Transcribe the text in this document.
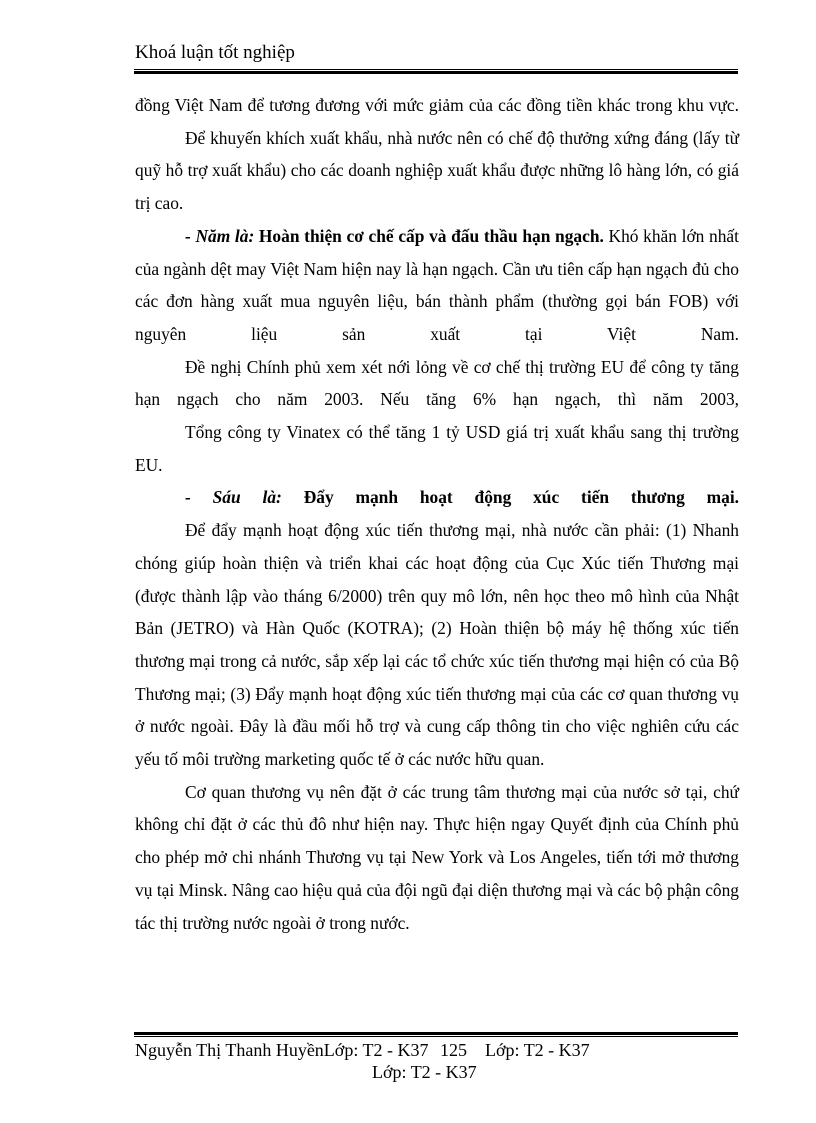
Khoá luận tốt nghiệp

đồng Việt Nam để tương đương với mức giảm của các đồng tiền khác trong khu vực.

Để khuyến khích xuất khẩu, nhà nước nên có chế độ thưởng xứng đáng (lấy từ quỹ hỗ trợ xuất khẩu) cho các doanh nghiệp xuất khẩu được những lô hàng lớn, có giá trị cao.

- Năm là: Hoàn thiện cơ chế cấp và đấu thầu hạn ngạch. Khó khăn lớn nhất của ngành dệt may Việt Nam hiện nay là hạn ngạch. Cần ưu tiên cấp hạn ngạch đủ cho các đơn hàng xuất mua nguyên liệu, bán thành phẩm (thường gọi bán FOB) với nguyên liệu sản xuất tại Việt Nam.

Đề nghị Chính phủ xem xét nới lỏng về cơ chế thị trường EU để công ty tăng hạn ngạch cho năm 2003. Nếu tăng 6% hạn ngạch, thì năm 2003,

Tổng công ty Vinatex có thể tăng 1 tỷ USD giá trị xuất khẩu sang thị trường EU.

- Sáu là: Đẩy mạnh hoạt động xúc tiến thương mại.

Để đẩy mạnh hoạt động xúc tiến thương mại, nhà nước cần phải: (1) Nhanh chóng giúp hoàn thiện và triển khai các hoạt động của Cục Xúc tiến Thương mại (được thành lập vào tháng 6/2000) trên quy mô lớn, nên học theo mô hình của Nhật Bản (JETRO) và Hàn Quốc (KOTRA); (2) Hoàn thiện bộ máy hệ thống xúc tiến thương mại trong cả nước, sắp xếp lại các tổ chức xúc tiến thương mại hiện có của Bộ Thương mại; (3) Đẩy mạnh hoạt động xúc tiến thương mại của các cơ quan thương vụ ở nước ngoài. Đây là đầu mối hỗ trợ và cung cấp thông tin cho việc nghiên cứu các yếu tố môi trường marketing quốc tế ở các nước hữu quan.

Cơ quan thương vụ nên đặt ở các trung tâm thương mại của nước sở tại, chứ không chỉ đặt ở các thủ đô như hiện nay. Thực hiện ngay Quyết định của Chính phủ cho phép mở chi nhánh Thương vụ tại New York và Los Angeles, tiến tới mở thương vụ tại Minsk. Nâng cao hiệu quả của đội ngũ đại diện thương mại và các bộ phận công tác thị trường nước ngoài ở trong nước.

Nguyễn Thị Thanh HuyềnLớp: T2 - K37 125 Lớp: T2 - K37
Lớp: T2 - K37
